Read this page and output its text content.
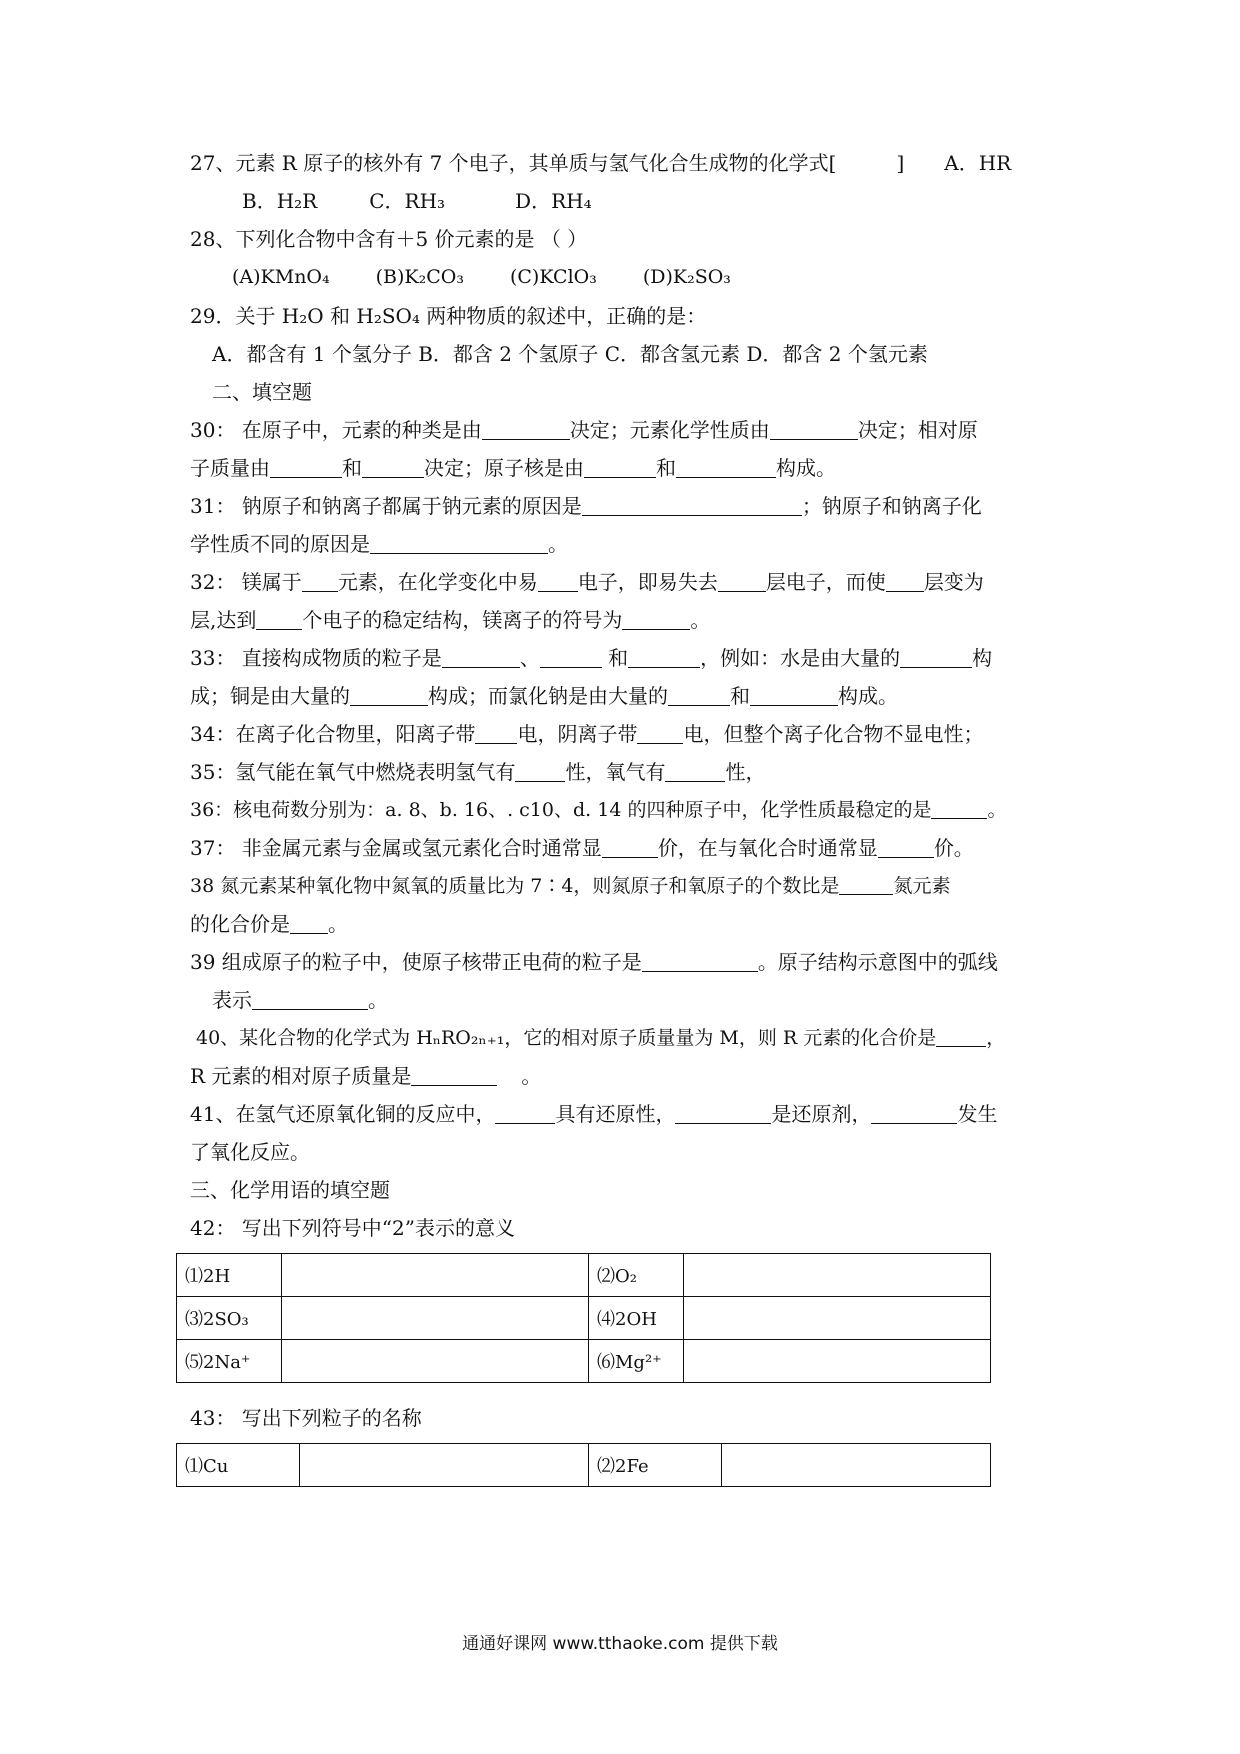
27、元素 R 原子的核外有 7 个电子，其单质与氢气化合生成物的化学式[	] A．HR
B．H₂R	C．RH₃	D．RH₄
28、下列化合物中含有＋5 价元素的是 （ ）
(A)KMnO₄ (B)K₂CO₃ (C)KClO₃ (D)K₂SO₃
29．关于 H₂O 和 H₂SO₄ 两种物质的叙述中，正确的是：
A．都含有 1 个氢分子 B．都含 2 个氢原子 C．都含氢元素 D．都含 2 个氢元素
二、填空题
30： 在原子中，元素的种类是由	决定；元素化学性质由	决定；相对原
子质量由	和	决定；原子核是由	和	构成。
31： 钠原子和钠离子都属于钠元素的原因是	；钠原子和钠离子化
学性质不同的原因是	。
32： 镁属于 元素，在化学变化中易 电子，即易失去 层电子，而使 层变为
层,达到 个电子的稳定结构，镁离子的符号为	。
33： 直接构成物质的粒子是	、	和	，例如：水是由大量的	构
成；铜是由大量的	构成；而氯化钠是由大量的	和	构成。
34：在离子化合物里，阳离子带 电，阴离子带 电，但整个离子化合物不显电性；
35：氢气能在氧气中燃烧表明氢气有	性，氧气有	性，
36：核电荷数分别为：a. 8、b. 16、. c10、d. 14 的四种原子中，化学性质最稳定的是	。
37： 非金属元素与金属或氢元素化合时通常显	价，在与氧化合时通常显	价。
38 氮元素某种氧化物中氮氧的质量比为 7∶4，则氮原子和氧原子的个数比是	氮元素
的化合价是 。
39 组成原子的粒子中，使原子核带正电荷的粒子是	。原子结构示意图中的弧线
表示	。
40、某化合物的化学式为 HₙRO₂ₙ₊₁，它的相对原子质量量为 M，则 R 元素的化合价是	，
R 元素的相对原子质量是	。
41、在氢气还原氧化铜的反应中，	具有还原性，	是还原剂，	发生
了氧化反应。
三、化学用语的填空题
42： 写出下列符号中“2”表示的意义
⑴2H		⑵O₂	
⑶2SO₃		⑷2OH	
⑸2Na⁺		⑹Mg²⁺	
43： 写出下列粒子的名称
⑴Cu		⑵2Fe	
通通好课网 www.tthaoke.com 提供下载
